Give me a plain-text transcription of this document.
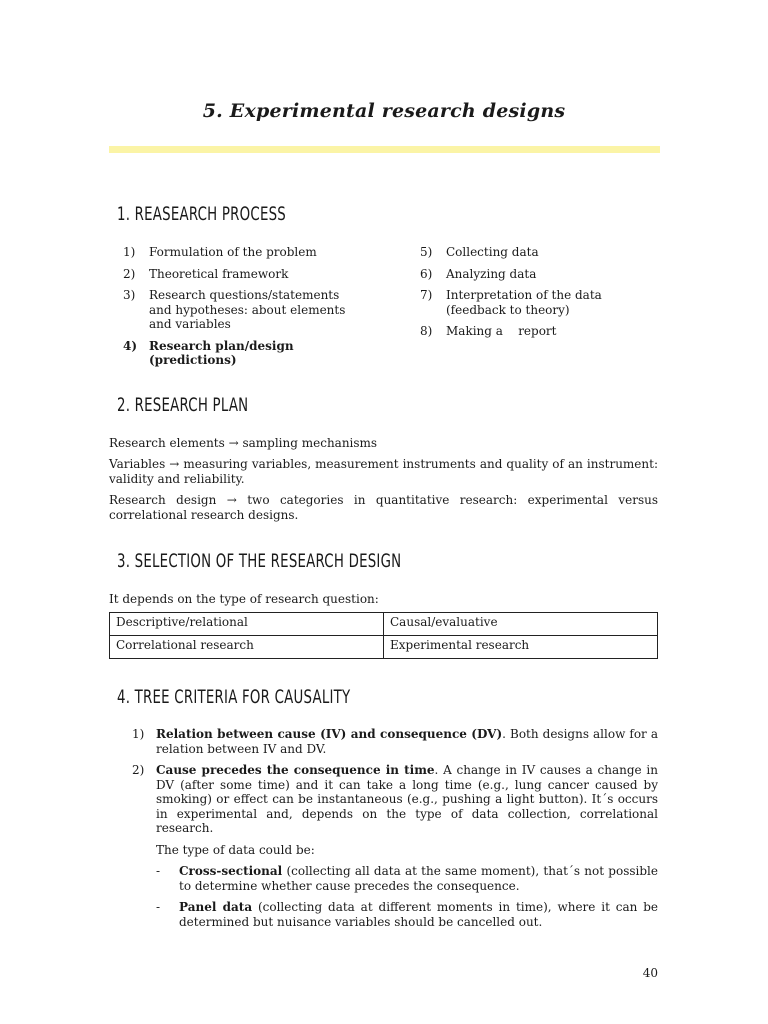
5. Experimental research designs
1. REASEARCH PROCESS
1) Formulation of the problem
2) Theoretical framework
3) Research questions/statements and hypotheses: about elements and variables
4) Research plan/design (predictions)
5) Collecting data
6) Analyzing data
7) Interpretation of the data (feedback to theory)
8) Making a    report
2. RESEARCH PLAN
Research elements → sampling mechanisms
Variables → measuring variables, measurement instruments and quality of an instrument: validity and reliability.
Research design → two categories in quantitative research: experimental versus correlational research designs.
3. SELECTION OF THE RESEARCH DESIGN
It depends on the type of research question:
Descriptive/relational	Causal/evaluative
Correlational research	Experimental research
4. TREE CRITERIA FOR CAUSALITY
1) Relation between cause (IV) and consequence (DV). Both designs allow for a relation between IV and DV.
2) Cause precedes the consequence in time. A change in IV causes a change in DV (after some time) and it can take a long time (e.g., lung cancer caused by smoking) or effect can be instantaneous (e.g., pushing a light button). It´s occurs in experimental and, depends on the type of data collection, correlational research.
The type of data could be:
- Cross-sectional (collecting all data at the same moment), that´s not possible to determine whether cause precedes the consequence.
- Panel data (collecting data at different moments in time), where it can be determined but nuisance variables should be cancelled out.
40
